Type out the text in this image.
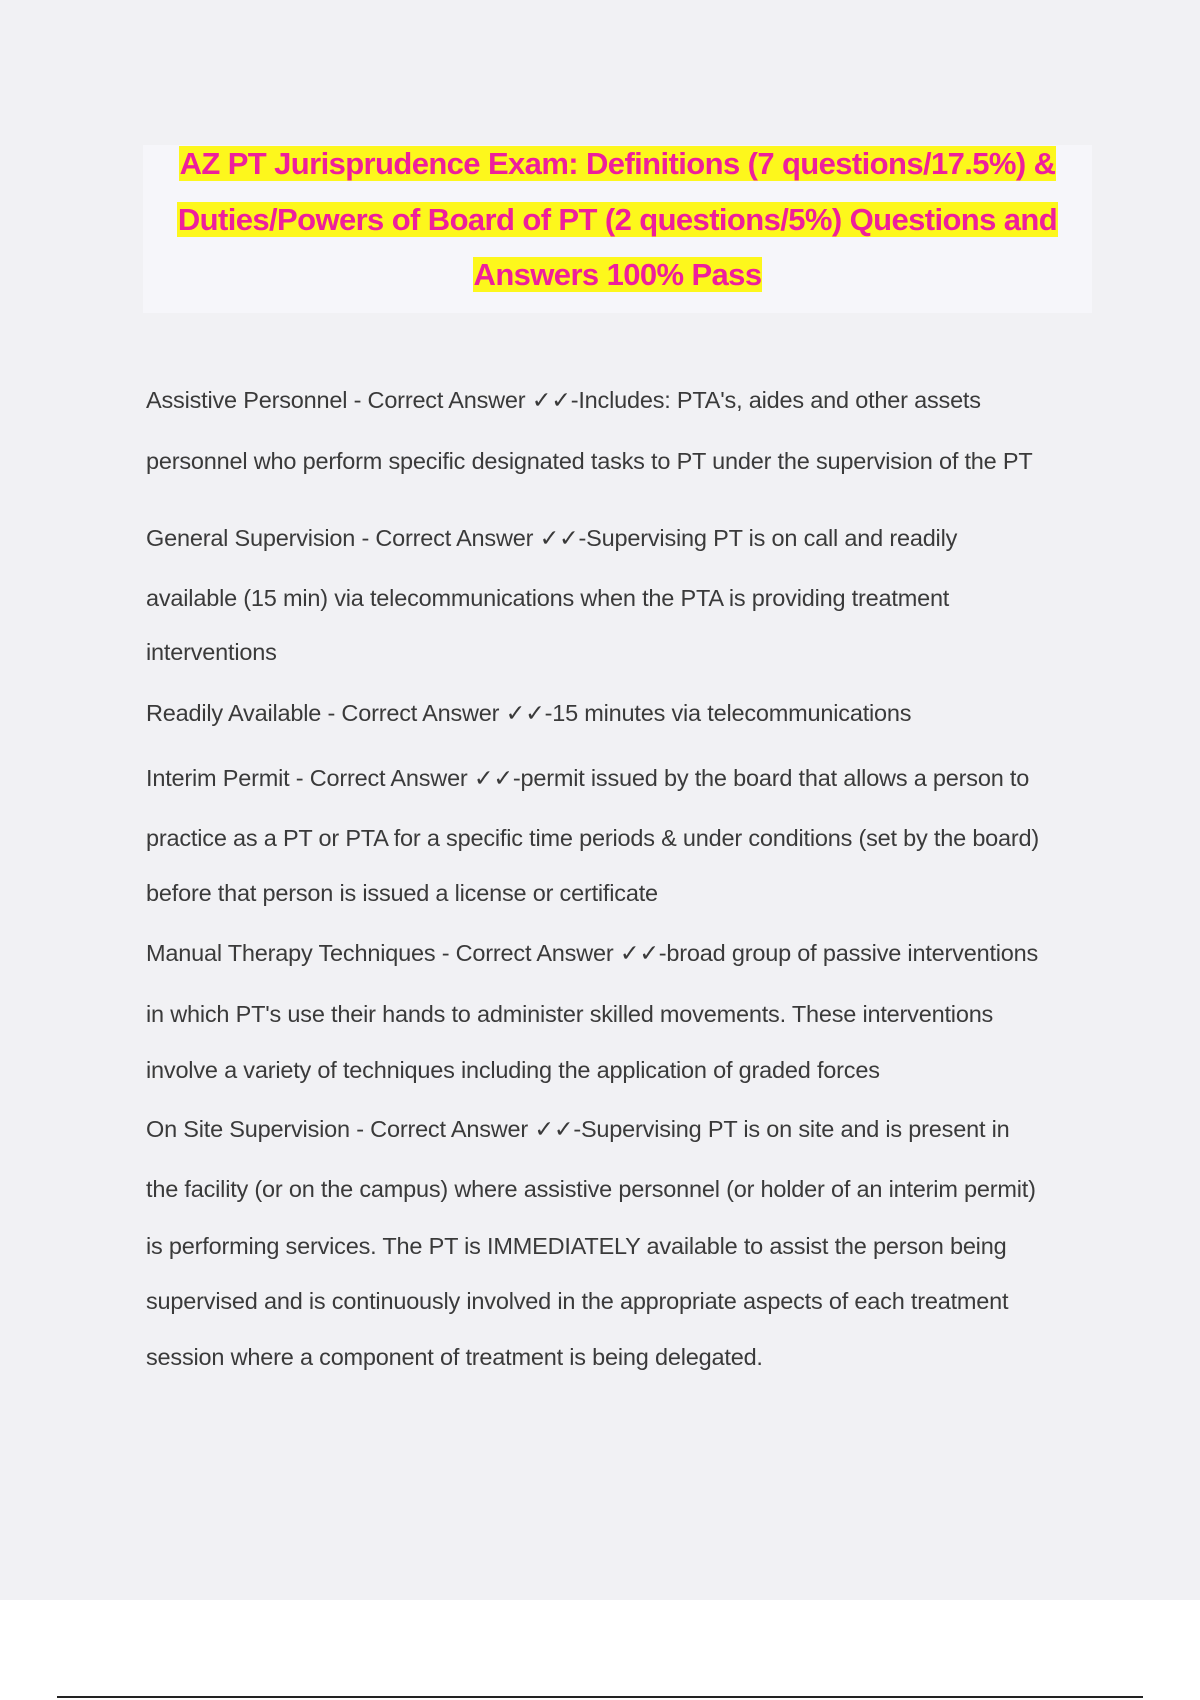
AZ PT Jurisprudence Exam: Definitions (7 questions/17.5%) &
Duties/Powers of Board of PT (2 questions/5%) Questions and
Answers 100% Pass
Assistive Personnel - Correct Answer ✓✓-Includes: PTA's, aides and other assets
personnel who perform specific designated tasks to PT under the supervision of the PT
General Supervision - Correct Answer ✓✓-Supervising PT is on call and readily
available (15 min) via telecommunications when the PTA is providing treatment
interventions
Readily Available - Correct Answer ✓✓-15 minutes via telecommunications
Interim Permit - Correct Answer ✓✓-permit issued by the board that allows a person to
practice as a PT or PTA for a specific time periods & under conditions (set by the board)
before that person is issued a license or certificate
Manual Therapy Techniques - Correct Answer ✓✓-broad group of passive interventions
in which PT's use their hands to administer skilled movements. These interventions
involve a variety of techniques including the application of graded forces
On Site Supervision - Correct Answer ✓✓-Supervising PT is on site and is present in
the facility (or on the campus) where assistive personnel (or holder of an interim permit)
is performing services. The PT is IMMEDIATELY available to assist the person being
supervised and is continuously involved in the appropriate aspects of each treatment
session where a component of treatment is being delegated.
